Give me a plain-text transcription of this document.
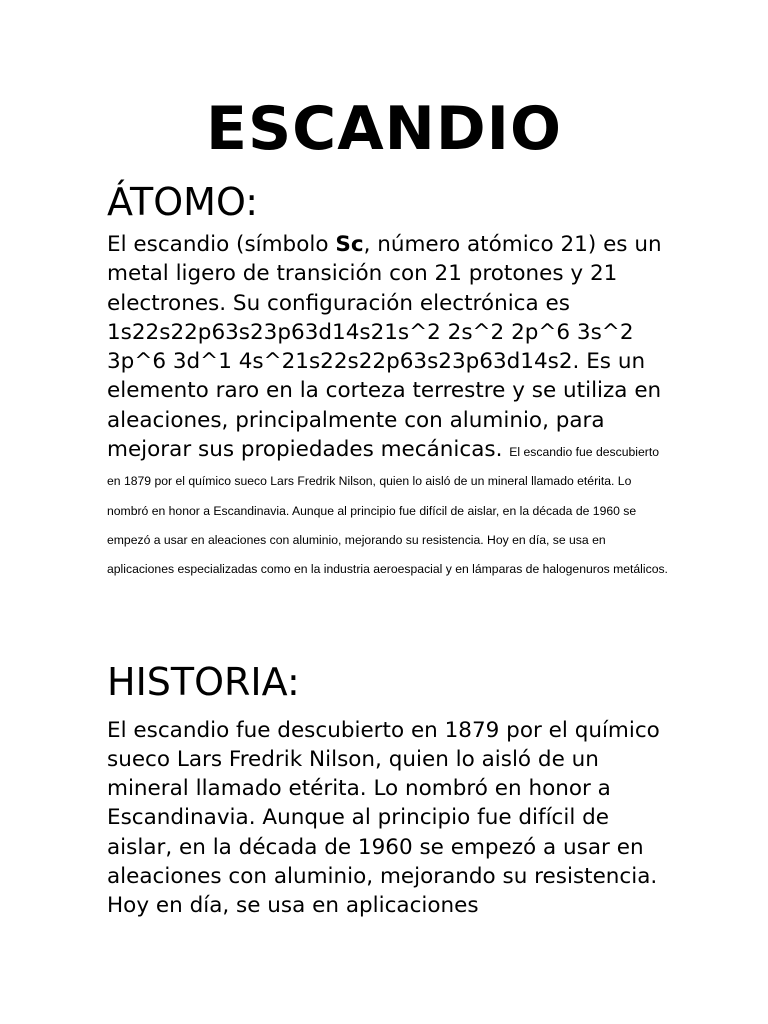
ESCANDIO
ÁTOMO:

El escandio (símbolo Sc, número atómico 21) es un metal ligero de transición con 21 protones y 21 electrones. Su configuración electrónica es 1s22s22p63s23p63d14s21s^2 2s^2 2p^6 3s^2 3p^6 3d^1 4s^21s22s22p63s23p63d14s2. Es un elemento raro en la corteza terrestre y se utiliza en aleaciones, principalmente con aluminio, para mejorar sus propiedades mecánicas. El escandio fue descubierto en 1879 por el químico sueco Lars Fredrik Nilson, quien lo aisló de un mineral llamado etérita. Lo nombró en honor a Escandinavia. Aunque al principio fue difícil de aislar, en la década de 1960 se empezó a usar en aleaciones con aluminio, mejorando su resistencia. Hoy en día, se usa en aplicaciones especializadas como en la industria aeroespacial y en lámparas de halogenuros metálicos.

HISTORIA:

El escandio fue descubierto en 1879 por el químico sueco Lars Fredrik Nilson, quien lo aisló de un mineral llamado etérita. Lo nombró en honor a Escandinavia. Aunque al principio fue difícil de aislar, en la década de 1960 se empezó a usar en aleaciones con aluminio, mejorando su resistencia. Hoy en día, se usa en aplicaciones
